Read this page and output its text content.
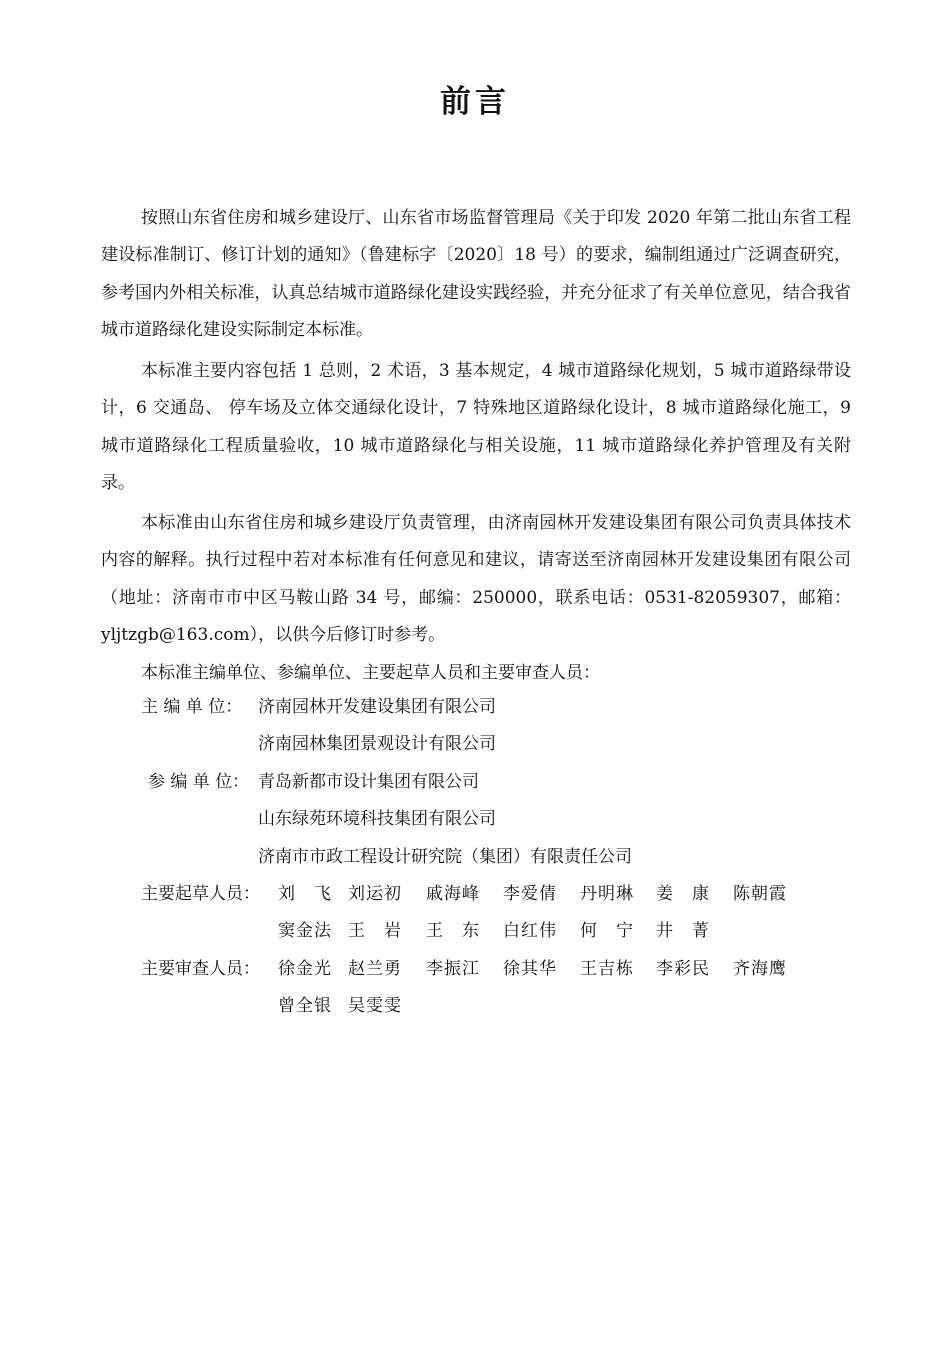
前言

按照山东省住房和城乡建设厅、山东省市场监督管理局《关于印发 2020 年第二批山东省工程建设标准制订、修订计划的通知》（鲁建标字〔2020〕18 号）的要求，编制组通过广泛调查研究，参考国内外相关标准，认真总结城市道路绿化建设实践经验，并充分征求了有关单位意见，结合我省城市道路绿化建设实际制定本标准。

本标准主要内容包括 1 总则，2 术语，3 基本规定，4 城市道路绿化规划，5 城市道路绿带设计，6 交通岛、 停车场及立体交通绿化设计，7 特殊地区道路绿化设计，8 城市道路绿化施工，9 城市道路绿化工程质量验收，10 城市道路绿化与相关设施，11 城市道路绿化养护管理及有关附录。

本标准由山东省住房和城乡建设厅负责管理，由济南园林开发建设集团有限公司负责具体技术内容的解释。执行过程中若对本标准有任何意见和建议，请寄送至济南园林开发建设集团有限公司（地址：济南市市中区马鞍山路 34 号，邮编：250000，联系电话：0531-82059307，邮箱：yljtzgb@163.com），以供今后修订时参考。

本标准主编单位、参编单位、主要起草人员和主要审查人员：
主 编 单 位： 济南园林开发建设集团有限公司
济南园林集团景观设计有限公司
参 编 单 位： 青岛新都市设计集团有限公司
山东绿苑环境科技集团有限公司
济南市市政工程设计研究院（集团）有限责任公司
主要起草人员： 刘　飞 刘运初 戚海峰 李爱倩 丹明琳 姜　康 陈朝霞
窦金法 王　岩 王　东 白红伟 何　宁 井　菁
主要审查人员： 徐金光 赵兰勇 李振江 徐其华 王吉栋 李彩民 齐海鹰
曾全银 吴雯雯
